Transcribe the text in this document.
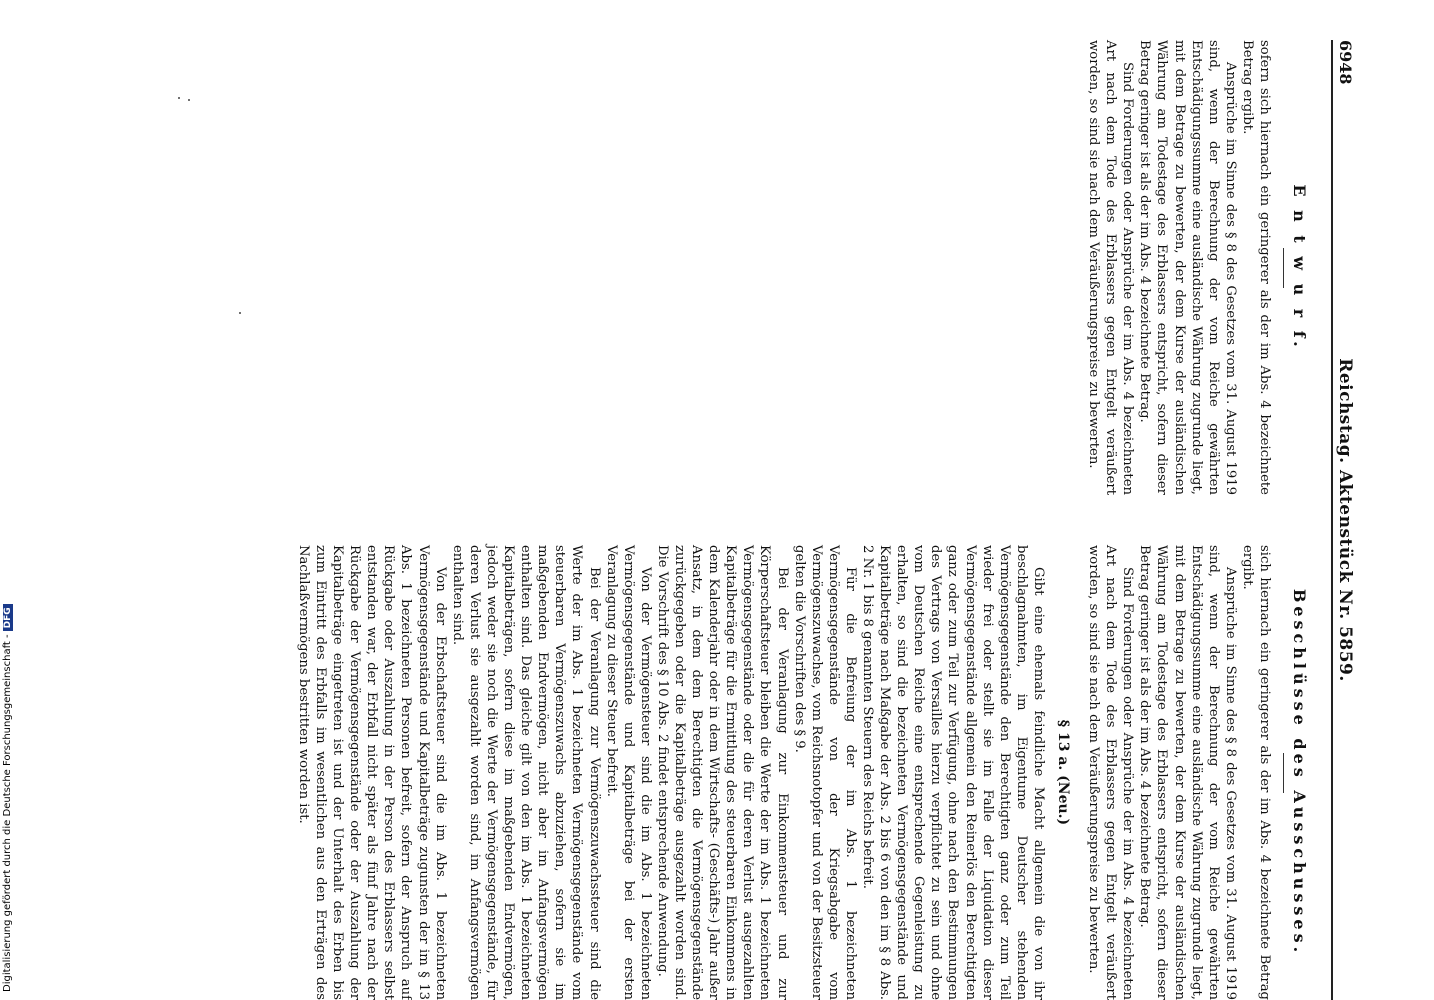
6948
Reichstag. Aktenstück Nr. 5859.
E n t w u r f.

sofern sich hiernach ein geringerer als der im Abs. 4 bezeichnete Betrag ergibt.

Ansprüche im Sinne des § 8 des Gesetzes vom 31. August 1919 sind, wenn der Berechnung der vom Reiche gewährten Entschädigungssumme eine ausländische Währung zugrunde liegt, mit dem Betrage zu bewerten, der dem Kurse der ausländischen Währung am Todestage des Erblassers entspricht, sofern dieser Betrag geringer ist als der im Abs. 4 bezeichnete Betrag.

Sind Forderungen oder Ansprüche der im Abs. 4 bezeichneten Art nach dem Tode des Erblassers gegen Entgelt veräußert worden, so sind sie nach dem Veräußerungspreise zu bewerten.

Beschlüsse des Ausschusses.

sich hiernach ein geringerer als der im Abs. 4 bezeichnete Betrag ergibt.

Ansprüche im Sinne des § 8 des Gesetzes vom 31. August 1919 sind, wenn der Berechnung der vom Reiche gewährten Entschädigungssumme eine ausländische Währung zugrunde liegt, mit dem Betrage zu bewerten, der dem Kurse der ausländischen Währung am Todestage des Erblassers entspricht, sofern dieser Betrag geringer ist als der im Abs. 4 bezeichnete Betrag.

Sind Forderungen oder Ansprüche der im Abs. 4 bezeichneten Art nach dem Tode des Erblassers gegen Entgelt veräußert worden, so sind sie nach dem Veräußerungspreise zu bewerten.

§ 13 a. (Neu.)

Gibt eine ehemals feindliche Macht allgemein die von ihr beschlagnahmten, im Eigentume Deutscher stehenden Vermögensgegenstände den Berechtigten ganz oder zum Teil wieder frei oder stellt sie im Falle der Liquidation dieser Vermögensgegenstände allgemein den Reinerlös den Berechtigten ganz oder zum Teil zur Verfügung, ohne nach den Bestimmungen des Vertrags von Versailles hierzu verpflichtet zu sein und ohne vom Deutschen Reiche eine entsprechende Gegenleistung zu erhalten, so sind die bezeichneten Vermögensgegenstände und Kapitalbeträge nach Maßgabe der Abs. 2 bis 6 von den im § 8 Abs. 2 Nr. 1 bis 8 genannten Steuern des Reichs befreit.

Für die Befreiung der im Abs. 1 bezeichneten Vermögensgegenstände von der Kriegsabgabe vom Vermögenszuwachse, vom Reichsnotopfer und von der Besitzsteuer gelten die Vorschriften des § 9.

Bei der Veranlagung zur Einkommensteuer und zur Körperschaftsteuer bleiben die Werte der im Abs. 1 bezeichneten Vermögensgegenstände oder die für deren Verlust ausgezahlten Kapitalbeträge für die Ermittlung des steuerbaren Einkommens in dem Kalenderjahr oder in dem Wirtschafts- (Geschäfts-) Jahr außer Ansatz, in dem dem Berechtigten die Vermögensgegenstände zurückgegeben oder die Kapitalbeträge ausgezahlt worden sind. Die Vorschrift des § 10 Abs. 2 findet entsprechende Anwendung.

Von der Vermögensteuer sind die im Abs. 1 bezeichneten Vermögensgegenstände und Kapitalbeträge bei der ersten Veranlagung zu dieser Steuer befreit.

Bei der Veranlagung zur Vermögenszuwachssteuer sind die Werte der im Abs. 1 bezeichneten Vermögensgegenstände vom steuerbaren Vermögenszuwachs abzuziehen, sofern sie im maßgebenden Endvermögen, nicht aber im Anfangsvermögen enthalten sind. Das gleiche gilt von den im Abs. 1 bezeichneten Kapitalbeträgen, sofern diese im maßgebenden Endvermögen, jedoch weder sie noch die Werte der Vermögensgegenstände, für deren Verlust sie ausgezahlt worden sind, im Anfangsvermögen enthalten sind.

Von der Erbschaftsteuer sind die im Abs. 1 bezeichneten Vermögensgegenstände und Kapitalbeträge zugunsten der im § 13 Abs. 1 bezeichneten Personen befreit, sofern der Anspruch auf Rückgabe oder Auszahlung in der Person des Erblassers selbst entstanden war, der Erbfall nicht später als fünf Jahre nach der Rückgabe der Vermögensgegenstände oder der Auszahlung der Kapitalbeträge eingetreten ist und der Unterhalt des Erben bis zum Eintritt des Erbfalls im wesentlichen aus den Erträgen des Nachlaßvermögens bestritten worden ist.

Digitalisierung gefördert durch die Deutsche Forschungsgemeinschaft -DFG
